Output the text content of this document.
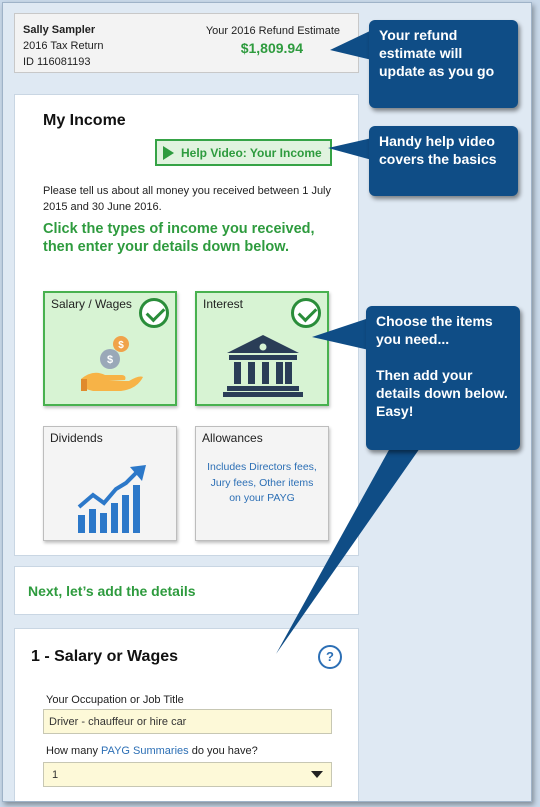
Sally Sampler
2016 Tax Return
ID 116081193
Your 2016 Refund Estimate
$1,809.94
My Income
Help Video: Your Income
Please tell us about all money you received between 1 July 2015 and 30 June 2016.
Click the types of income you received, then enter your details down below.
Salary / Wages
$
$
Interest
Dividends	Allowances
Includes Directors fees, Jury fees, Other items on your PAYG
Next, let’s add the details
1 - Salary or Wages	?
Your Occupation or Job Title
Driver - chauffeur or hire car
How many PAYG Summaries do you have?
1
Your refund estimate will update as you go
Handy help video covers the basics
Choose the items you need...
Then add your details down below. Easy!
